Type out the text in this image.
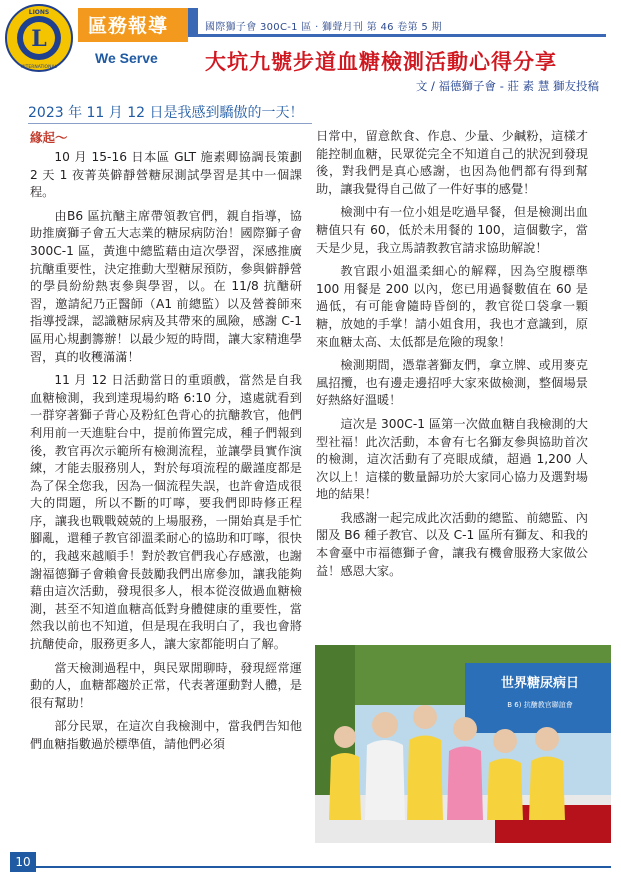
L
LIONS
INTERNATIONAL
區務報導
We Serve
國際獅子會 300C-1 區 ‧ 獅聲月刊 第 46 卷第 5 期
大坑九號步道血糖檢測活動心得分享
文 / 福德獅子會 - 莊 素 慧 獅友投稿
2023 年 11 月 12 日是我感到驕傲的一天！
緣起～

10 月 15-16 日本區 GLT 施素卿協調長策劃 2 天 1 夜菁英僻靜營糖尿測試學習是其中一個課程。

由B6 區抗醣主席帶領教官們，親自指導，協助推廣獅子會五大志業的糖尿病防治！國際獅子會 300C-1 區，黃進中總監藉由這次學習，深感推廣抗醣重要性，決定推動大型糖尿預防，參與僻靜營的學員紛紛熱衷參與學習，以。在 11/8 抗醣研習，邀請紀乃正醫師（A1 前總監）以及營養師來指導授課，認識糖尿病及其帶來的風險，感謝 C-1 區用心規劃籌辦！以最少短的時間，讓大家精進學習，真的收穫滿滿！

11 月 12 日活動當日的重頭戲，當然是自我血糖檢測，我到達現場約略 6:10 分，遠處就看到一群穿著獅子背心及粉紅色背心的抗醣教官，他們利用前一天進駐台中，提前佈置完成，種子們報到後，教官再次示範所有檢測流程，並讓學員實作演練，才能去服務別人，對於每項流程的嚴謹度都是為了保全您我，因為一個流程失誤，也許會造成很大的問題，所以不斷的叮嚀，要我們即時修正程序，讓我也戰戰兢兢的上場服務，一開始真是手忙腳亂，還種子教官卻溫柔耐心的協助和叮嚀，很快的，我越來越順手！對於教官們我心存感激，也謝謝福德獅子會賴會長鼓勵我們出席參加，讓我能夠藉由這次活動，發現很多人，根本從沒做過血糖檢測，甚至不知道血糖高低對身體健康的重要性，當然我以前也不知道，但是現在我明白了，我也會將抗醣使命，服務更多人，讓大家都能明白了解。

當天檢測過程中，與民眾閒聊時，發現經常運動的人，血糖都趨於正常，代表著運動對人體，是很有幫助！

部分民眾，在這次自我檢測中，當我們告知他們血糖指數過於標準值，請他們必須

日常中，留意飲食、作息、少量、少鹹粉，這樣才能控制血糖，民眾從完全不知道自己的狀況到發現後，對我們是真心感謝，也因為他們都有得到幫助，讓我覺得自己做了一件好事的感覺！

檢測中有一位小姐是吃過早餐，但是檢測出血糖值只有 60，低於未用餐的 100，這個數字，當天是少見，我立馬請教教官請求協助解說！

教官跟小姐溫柔細心的解釋，因為空腹標準 100 用餐是 200 以內，您已用過餐數值在 60 是過低，有可能會隨時昏倒的，教官從口袋拿一顆糖，放她的手掌！請小姐食用，我也才意識到，原來血糖太高、太低都是危險的現象！

檢測期間，憑靠著獅友們，拿立牌、或用麥克風招攬，也有邊走邊招呼大家來做檢測，整個場景好熱絡好溫暖！

這次是 300C-1 區第一次做血糖自我檢測的大型社福！此次活動，本會有七名獅友參與協助首次的檢測，這次活動有了亮眼成績，超過 1,200 人次以上！這樣的數量歸功於大家同心協力及選對場地的結果！

我感謝一起完成此次活動的總監、前總監、內閣及 B6 種子教官、以及 C-1 區所有獅友、和我的本會臺中市福德獅子會，讓我有機會服務大家做公益！感恩大家。

世界糖尿病日
B 6) 抗醣教官聯誼會
10
